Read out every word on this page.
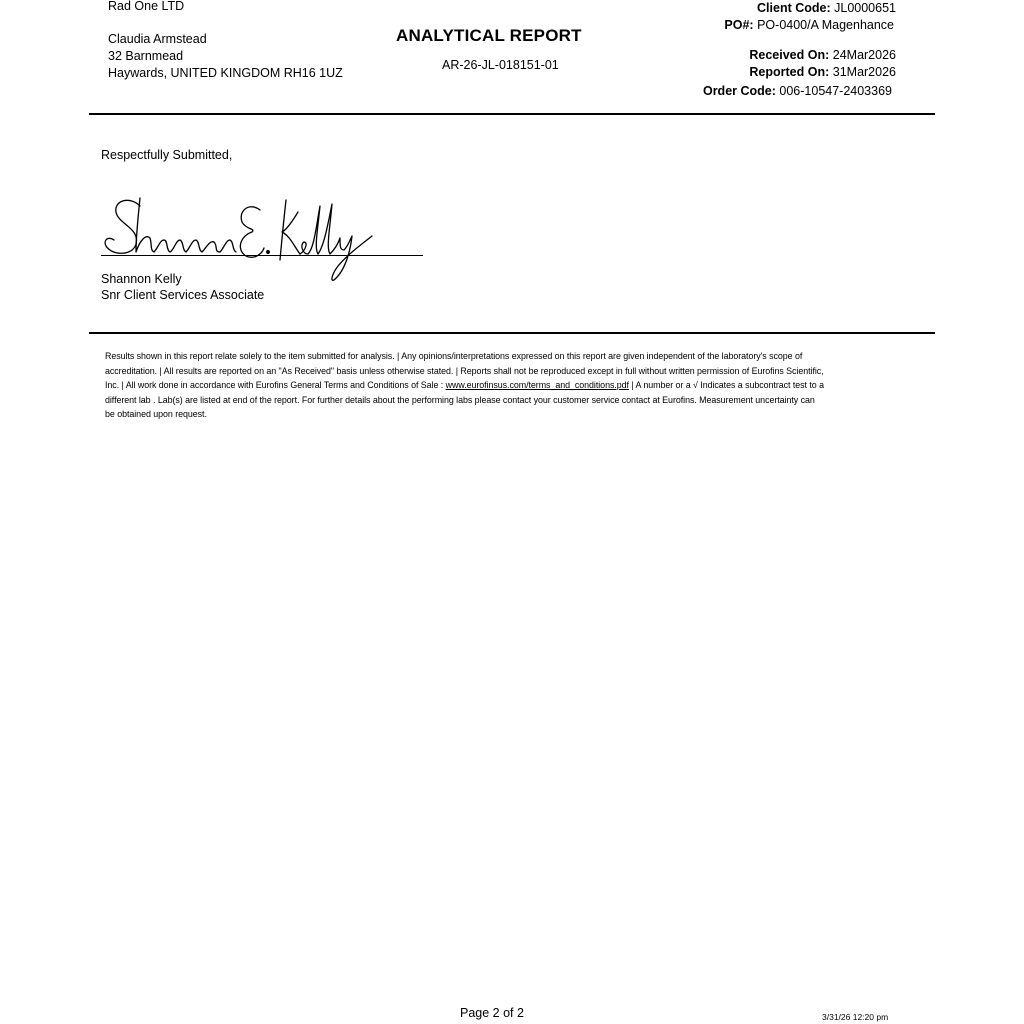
Rad One LTD
Claudia Armstead
32 Barnmead
Haywards, UNITED KINGDOM RH16 1UZ
ANALYTICAL REPORT
AR-26-JL-018151-01
Client Code: JL0000651
PO#: PO-0400/A Magenhance
Received On: 24Mar2026
Reported On: 31Mar2026
Order Code: 006-10547-2403369
Respectfully Submitted,
Shannon Kelly
Snr Client Services Associate
Results shown in this report relate solely to the item submitted for analysis. | Any opinions/interpretations expressed on this report are given independent of the laboratory's scope of accreditation. | All results are reported on an "As Received" basis unless otherwise stated. | Reports shall not be reproduced except in full without written permission of Eurofins Scientific, Inc. | All work done in accordance with Eurofins General Terms and Conditions of Sale : www.eurofinsus.com/terms_and_conditions.pdf | A number or a √ Indicates a subcontract test to a different lab . Lab(s) are listed at end of the report. For further details about the performing labs please contact your customer service contact at Eurofins. Measurement uncertainty can be obtained upon request.
Page 2 of 2	3/31/26 12:20 pm
